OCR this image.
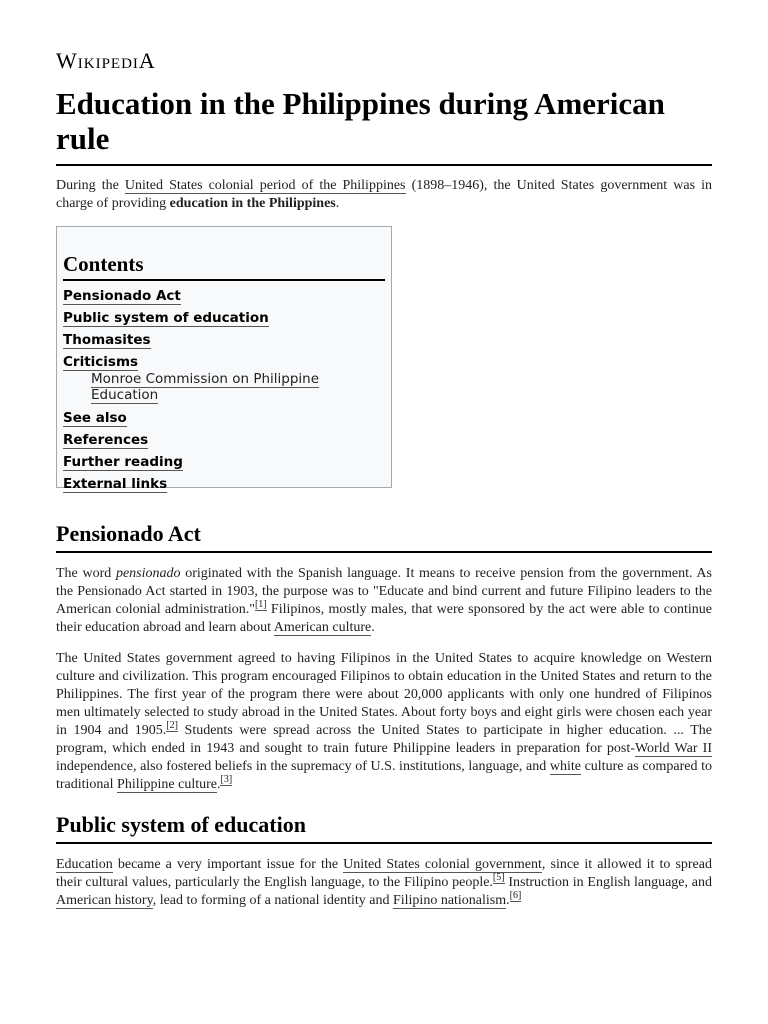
WikipediA
Education in the Philippines during American rule
During the United States colonial period of the Philippines (1898–1946), the United States government was in charge of providing education in the Philippines.
Contents
Pensionado Act
Public system of education
Thomasites
Criticisms
Monroe Commission on Philippine Education
See also
References
Further reading
External links
Pensionado Act
The word pensionado originated with the Spanish language. It means to receive pension from the government. As the Pensionado Act started in 1903, the purpose was to "Educate and bind current and future Filipino leaders to the American colonial administration."[1] Filipinos, mostly males, that were sponsored by the act were able to continue their education abroad and learn about American culture.
The United States government agreed to having Filipinos in the United States to acquire knowledge on Western culture and civilization. This program encouraged Filipinos to obtain education in the United States and return to the Philippines. The first year of the program there were about 20,000 applicants with only one hundred of Filipinos men ultimately selected to study abroad in the United States. About forty boys and eight girls were chosen each year in 1904 and 1905.[2] Students were spread across the United States to participate in higher education. ... The program, which ended in 1943 and sought to train future Philippine leaders in preparation for post-World War II independence, also fostered beliefs in the supremacy of U.S. institutions, language, and white culture as compared to traditional Philippine culture.[3]
Public system of education
Education became a very important issue for the United States colonial government, since it allowed it to spread their cultural values, particularly the English language, to the Filipino people.[5] Instruction in English language, and American history, lead to forming of a national identity and Filipino nationalism.[6]
